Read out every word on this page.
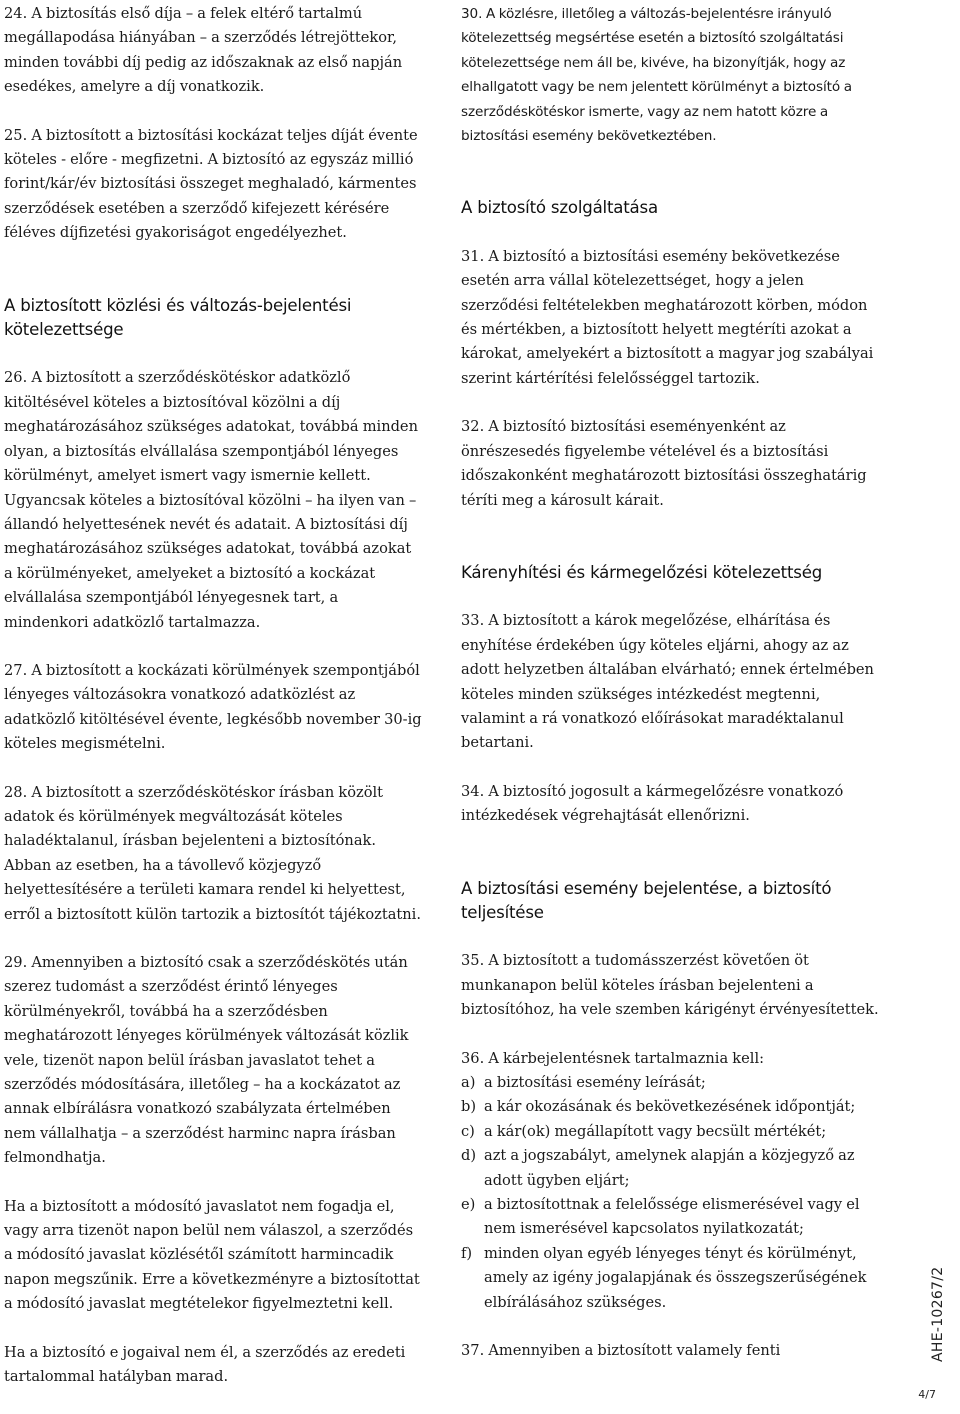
24. A biztosítás első díja – a felek eltérő tartalmú megállapodása hiányában – a szerződés létrejöttekor, minden további díj pedig az időszaknak az első napján esedékes, amelyre a díj vonatkozik.

25. A biztosított a biztosítási kockázat teljes díját évente köteles - előre - megfizetni. A biztosító az egyszáz millió forint/kár/év biztosítási összeget meghaladó, kármentes szerződések esetében a szerződő kifejezett kérésére féléves díjfizetési gyakoriságot engedélyezhet.

A biztosított közlési és változás-bejelentési kötelezettsége

26. A biztosított a szerződéskötéskor adatközlő kitöltésével köteles a biztosítóval közölni a díj meghatározásához szükséges adatokat, továbbá minden olyan, a biztosítás elvállalása szempontjából lényeges körülményt, amelyet ismert vagy ismernie kellett. Ugyancsak köteles a biztosítóval közölni – ha ilyen van – állandó helyettesének nevét és adatait. A biztosítási díj meghatározásához szükséges adatokat, továbbá azokat a körülményeket, amelyeket a biztosító a kockázat elvállalása szempontjából lényegesnek tart, a mindenkori adatközlő tartalmazza.

27. A biztosított a kockázati körülmények szempontjából lényeges változásokra vonatkozó adatközlést az adatközlő kitöltésével évente, legkésőbb november 30-ig köteles megismételni.

28. A biztosított a szerződéskötéskor írásban közölt adatok és körülmények megváltozását köteles haladéktalanul, írásban bejelenteni a biztosítónak. Abban az esetben, ha a távollevő közjegyző helyettesítésére a területi kamara rendel ki helyettest, erről a biztosított külön tartozik a biztosítót tájékoztatni.

29. Amennyiben a biztosító csak a szerződéskötés után szerez tudomást a szerződést érintő lényeges körülményekről, továbbá ha a szerződésben meghatározott lényeges körülmények változását közlik vele, tizenöt napon belül írásban javaslatot tehet a szerződés módosítására, illetőleg – ha a kockázatot az annak elbírálásra vonatkozó szabályzata értelmében nem vállalhatja – a szerződést harminc napra írásban felmondhatja.

Ha a biztosított a módosító javaslatot nem fogadja el, vagy arra tizenöt napon belül nem válaszol, a szerződés a módosító javaslat közlésétől számított harmincadik napon megszűnik. Erre a következményre a biztosítottat a módosító javaslat megtételekor figyelmeztetni kell.

Ha a biztosító e jogaival nem él, a szerződés az eredeti tartalommal hatályban marad.

30. A közlésre, illetőleg a változás-bejelentésre irányuló kötelezettség megsértése esetén a biztosító szolgáltatási kötelezettsége nem áll be, kivéve, ha bizonyítják, hogy az elhallgatott vagy be nem jelentett körülményt a biztosító a szerződéskötéskor ismerte, vagy az nem hatott közre a biztosítási esemény bekövetkeztében.

A biztosító szolgáltatása

31. A biztosító a biztosítási esemény bekövetkezése esetén arra vállal kötelezettséget, hogy a jelen szerződési feltételekben meghatározott körben, módon és mértékben, a biztosított helyett megtéríti azokat a károkat, amelyekért a biztosított a magyar jog szabályai szerint kártérítési felelősséggel tartozik.

32. A biztosító biztosítási eseményenként az önrészesedés figyelembe vételével és a biztosítási időszakonként meghatározott biztosítási összeghatárig téríti meg a károsult kárait.

Kárenyhítési és kármegelőzési kötelezettség

33. A biztosított a károk megelőzése, elhárítása és enyhítése érdekében úgy köteles eljárni, ahogy az az adott helyzetben általában elvárható; ennek értelmében köteles minden szükséges intézkedést megtenni, valamint a rá vonatkozó előírásokat maradéktalanul betartani.

34. A biztosító jogosult a kármegelőzésre vonatkozó intézkedések végrehajtását ellenőrizni.

A biztosítási esemény bejelentése, a biztosító teljesítése

35. A biztosított a tudomásszerzést követően öt munkanapon belül köteles írásban bejelenteni a biztosítóhoz, ha vele szemben kárigényt érvényesítettek.

36. A kárbejelentésnek tartalmaznia kell:

a) a biztosítási esemény leírását;
b) a kár okozásának és bekövetkezésének időpontját;
c) a kár(ok) megállapított vagy becsült mértékét;
d) azt a jogszabályt, amelynek alapján a közjegyző az adott ügyben eljárt;
e) a biztosítottnak a felelőssége elismerésével vagy el nem ismerésével kapcsolatos nyilatkozatát;
f) minden olyan egyéb lényeges tényt és körülményt, amely az igény jogalapjának és összegszerűségének elbírálásához szükséges.

37. Amennyiben a biztosított valamely fenti	AHE-10267/2
4/7
